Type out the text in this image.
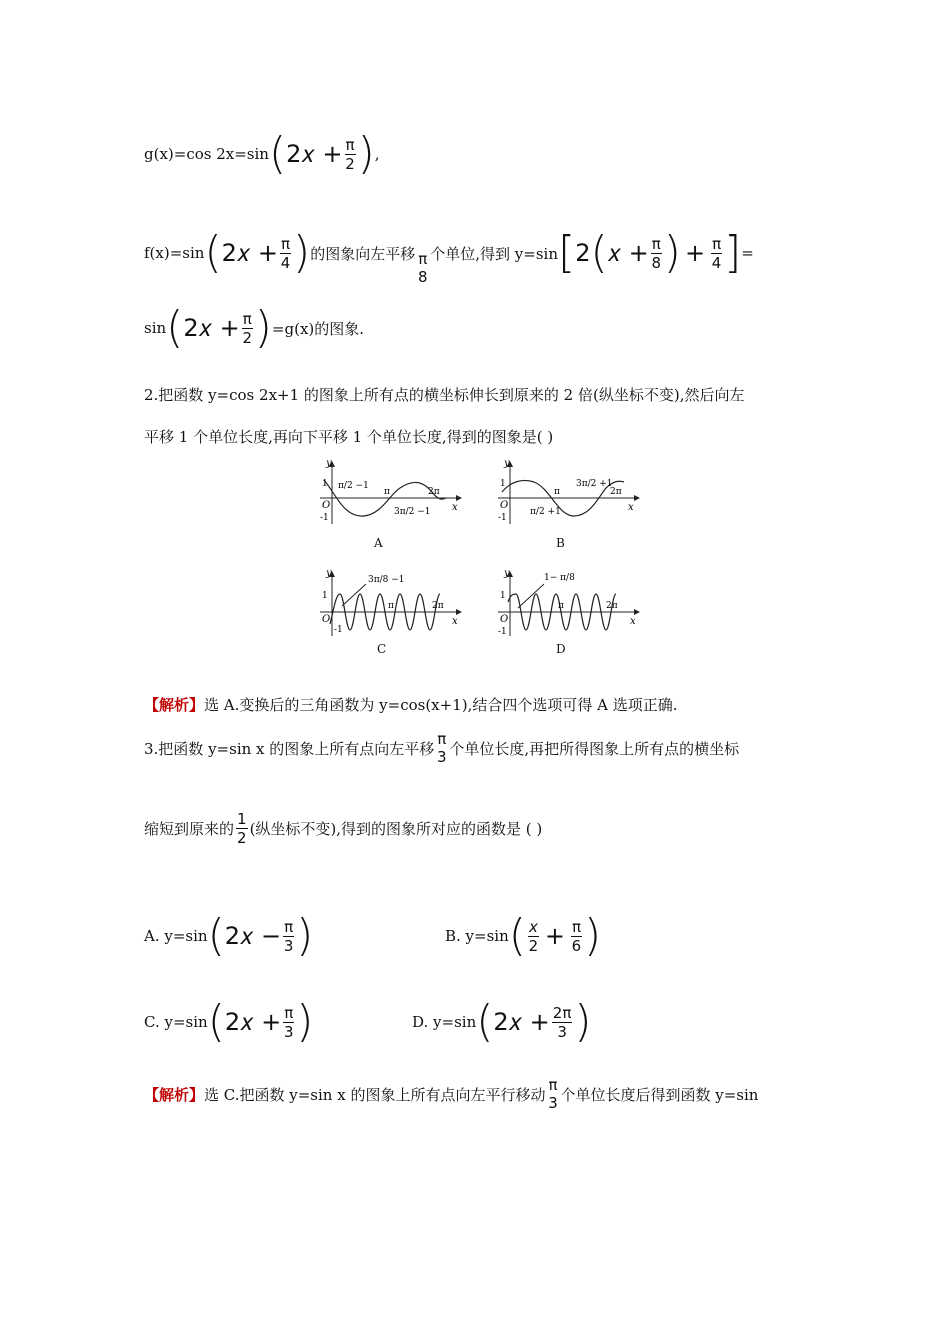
g(x)=cos 2x=sin ( 2𝑥 + $\frac{\pi}{2}$ ) ,
f(x)=sin ( 2𝑥 + $\frac{\pi}{4}$ ) 的图象向左平移 π
8
个单位,得到 y=sin [ 2 ( 𝑥 + $\frac{\pi}{8}$ ) + $\frac{\pi}{4}$ ] =
sin ( 2𝑥 + $\frac{\pi}{2}$ ) =g(x)的图象.
2.把函数 y=cos 2x+1 的图象上所有点的横坐标伸长到原来的 2 倍(纵坐标不变),然后向左
平移 1 个单位长度,再向下平移 1 个单位长度,得到的图象是( )
y
x
O
1
-1
π/2 −1
π
3π/2 −1
2π
A
y
x
O
1
-1
π/2 +1
π
3π/2 +1
2π
B
y
x
O
1
-1
3π/8 −1
π	2π
C
y
x
O
1
-1
1− π/8
π	2π
D
【解析】 选 A.变换后的三角函数为 y=cos(x+1),结合四个选项可得 A 选项正确.
3.把函数 y=sin x 的图象上所有点向左平移
π
3 个单位长度,再把所得图象上所有点的横坐标
缩短到原来的 $\frac{1}{2}$ (纵坐标不变),得到的图象所对应的函数是 ( )
A. y=sin ( 2𝑥 − $\frac{\pi}{3}$ )	B. y=sin ( $\frac{x}{2} + \frac{\pi}{6}$ )
C. y=sin ( 2𝑥 + $\frac{\pi}{3}$ )	D. y=sin ( 2𝑥 + $\frac{2\pi}{3}$ )
【解析】 选 C.把函数 y=sin x 的图象上所有点向左平行移动
π
3 个单位长度后得到函数 y=sin
